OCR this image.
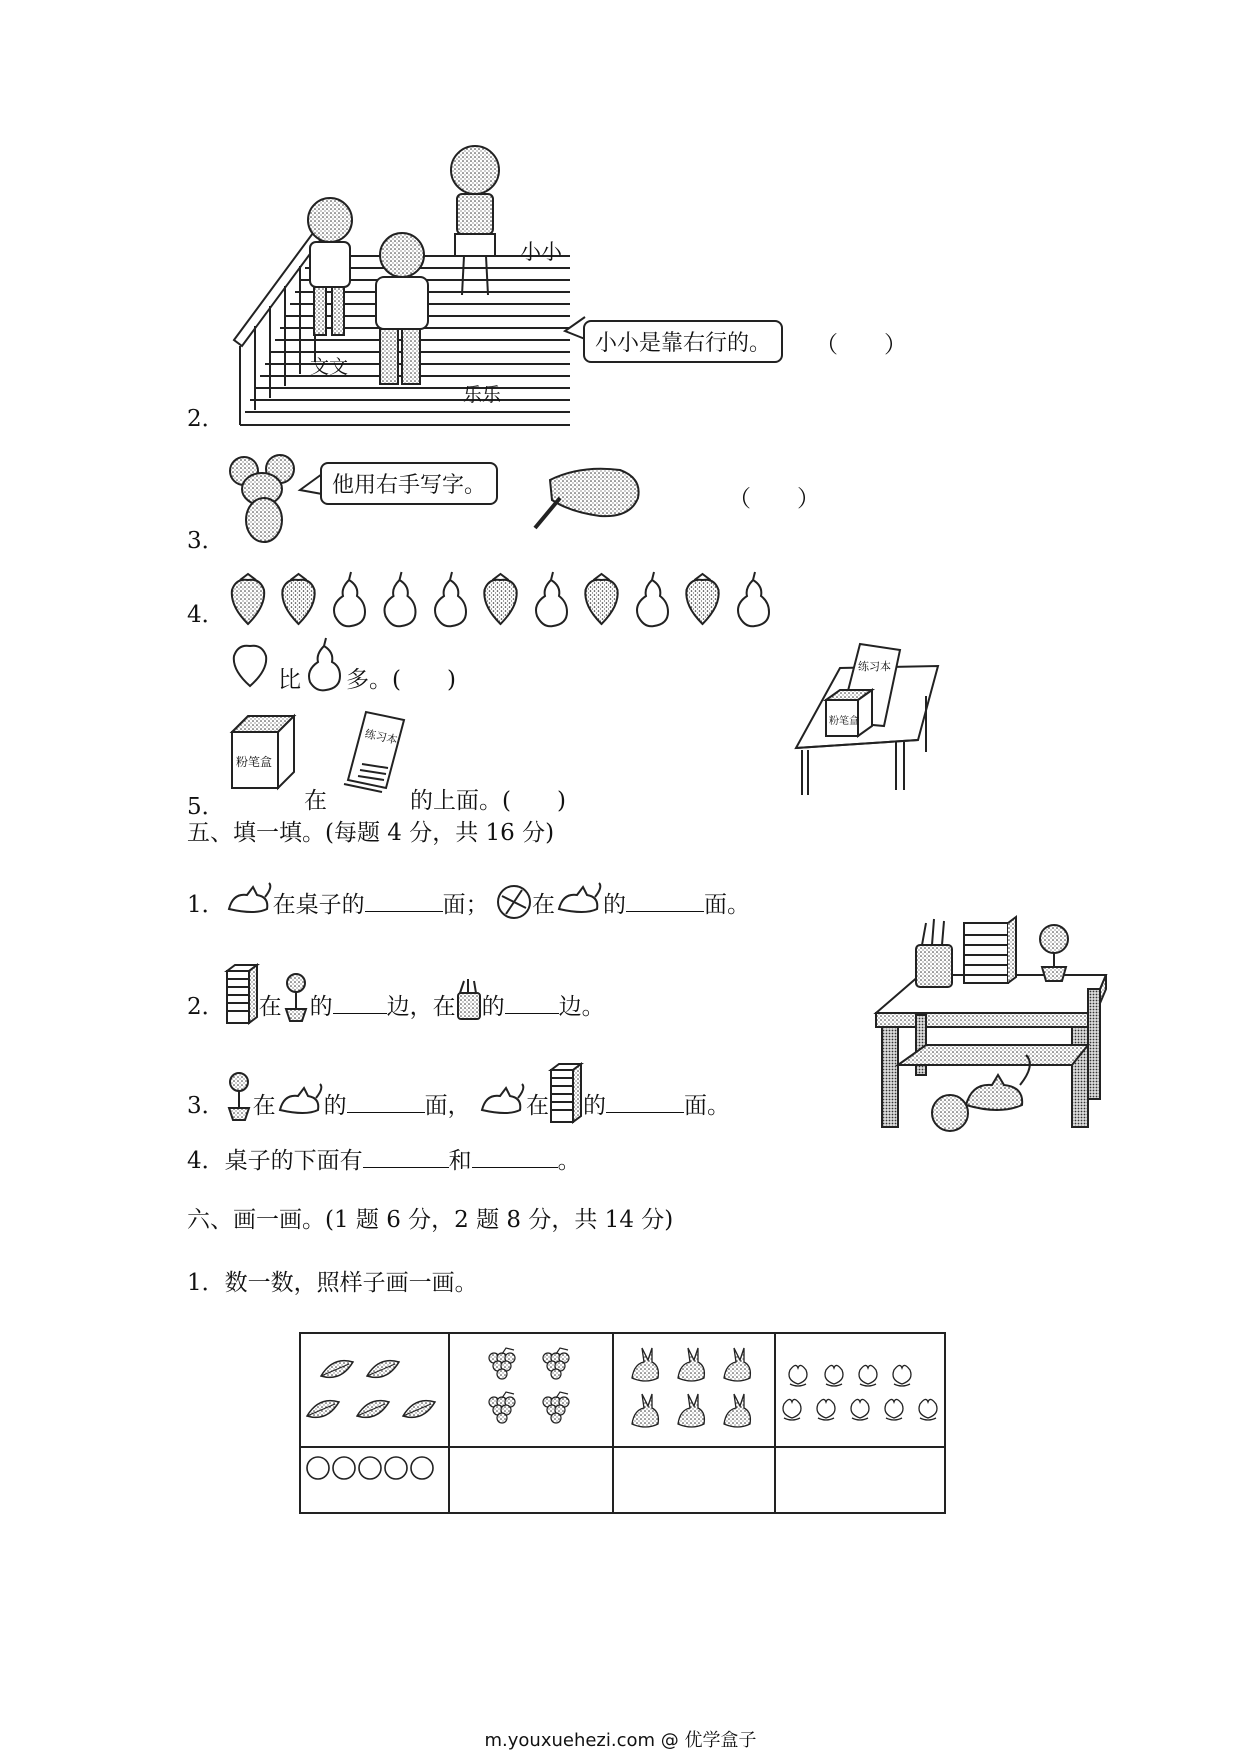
2．
小小
文文
乐乐
小小是靠右行的。	（　　）
3．
他用右手写字。
（　　）
4．
比 多。(　　)
5．
粉笔盒
在
练习本
的上面。(　　)
练习本
粉笔盒
五、填一填。(每题 4 分，共 16 分)
1． 在桌子的	面； 在 的	面。
2． 在 的 边，在 的 边。
3． 在 的	面， 在 的	面。
4．桌子的下面有	和	。
六、画一画。(1 题 6 分，2 题 8 分，共 14 分)
1．数一数，照样子画一画。

m.youxuehezi.com @ 优学盒子
